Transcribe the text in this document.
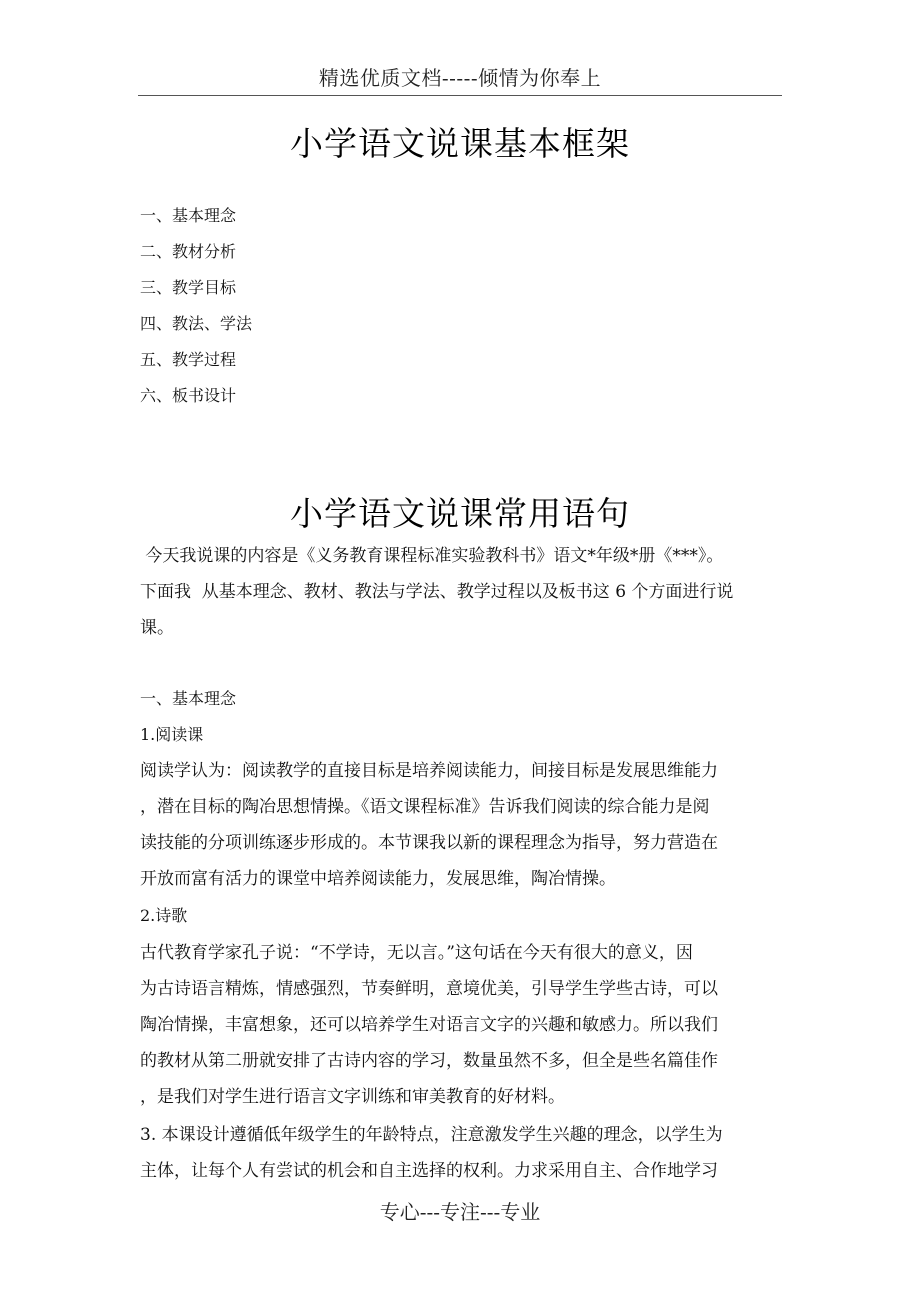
精选优质文档-----倾情为你奉上
小学语文说课基本框架
一、基本理念
二、教材分析
三、教学目标
四、教法、学法
五、教学过程
六、板书设计
小学语文说课常用语句
今天我说课的内容是《义务教育课程标准实验教科书》语文*年级*册《***》。
下面我  从基本理念、教材、教法与学法、教学过程以及板书这 6 个方面进行说
课。
一、基本理念
1.阅读课
阅读学认为：阅读教学的直接目标是培养阅读能力，间接目标是发展思维能力
，潜在目标的陶冶思想情操。《语文课程标准》告诉我们阅读的综合能力是阅
读技能的分项训练逐步形成的。本节课我以新的课程理念为指导，努力营造在
开放而富有活力的课堂中培养阅读能力，发展思维，陶冶情操。
2.诗歌
古代教育学家孔子说：“不学诗，无以言。”这句话在今天有很大的意义，因
为古诗语言精炼，情感强烈，节奏鲜明，意境优美，引导学生学些古诗，可以
陶冶情操，丰富想象，还可以培养学生对语言文字的兴趣和敏感力。所以我们
的教材从第二册就安排了古诗内容的学习，数量虽然不多，但全是些名篇佳作
，是我们对学生进行语言文字训练和审美教育的好材料。
3. 本课设计遵循低年级学生的年龄特点，注意激发学生兴趣的理念，以学生为
主体，让每个人有尝试的机会和自主选择的权利。力求采用自主、合作地学习
专心---专注---专业
